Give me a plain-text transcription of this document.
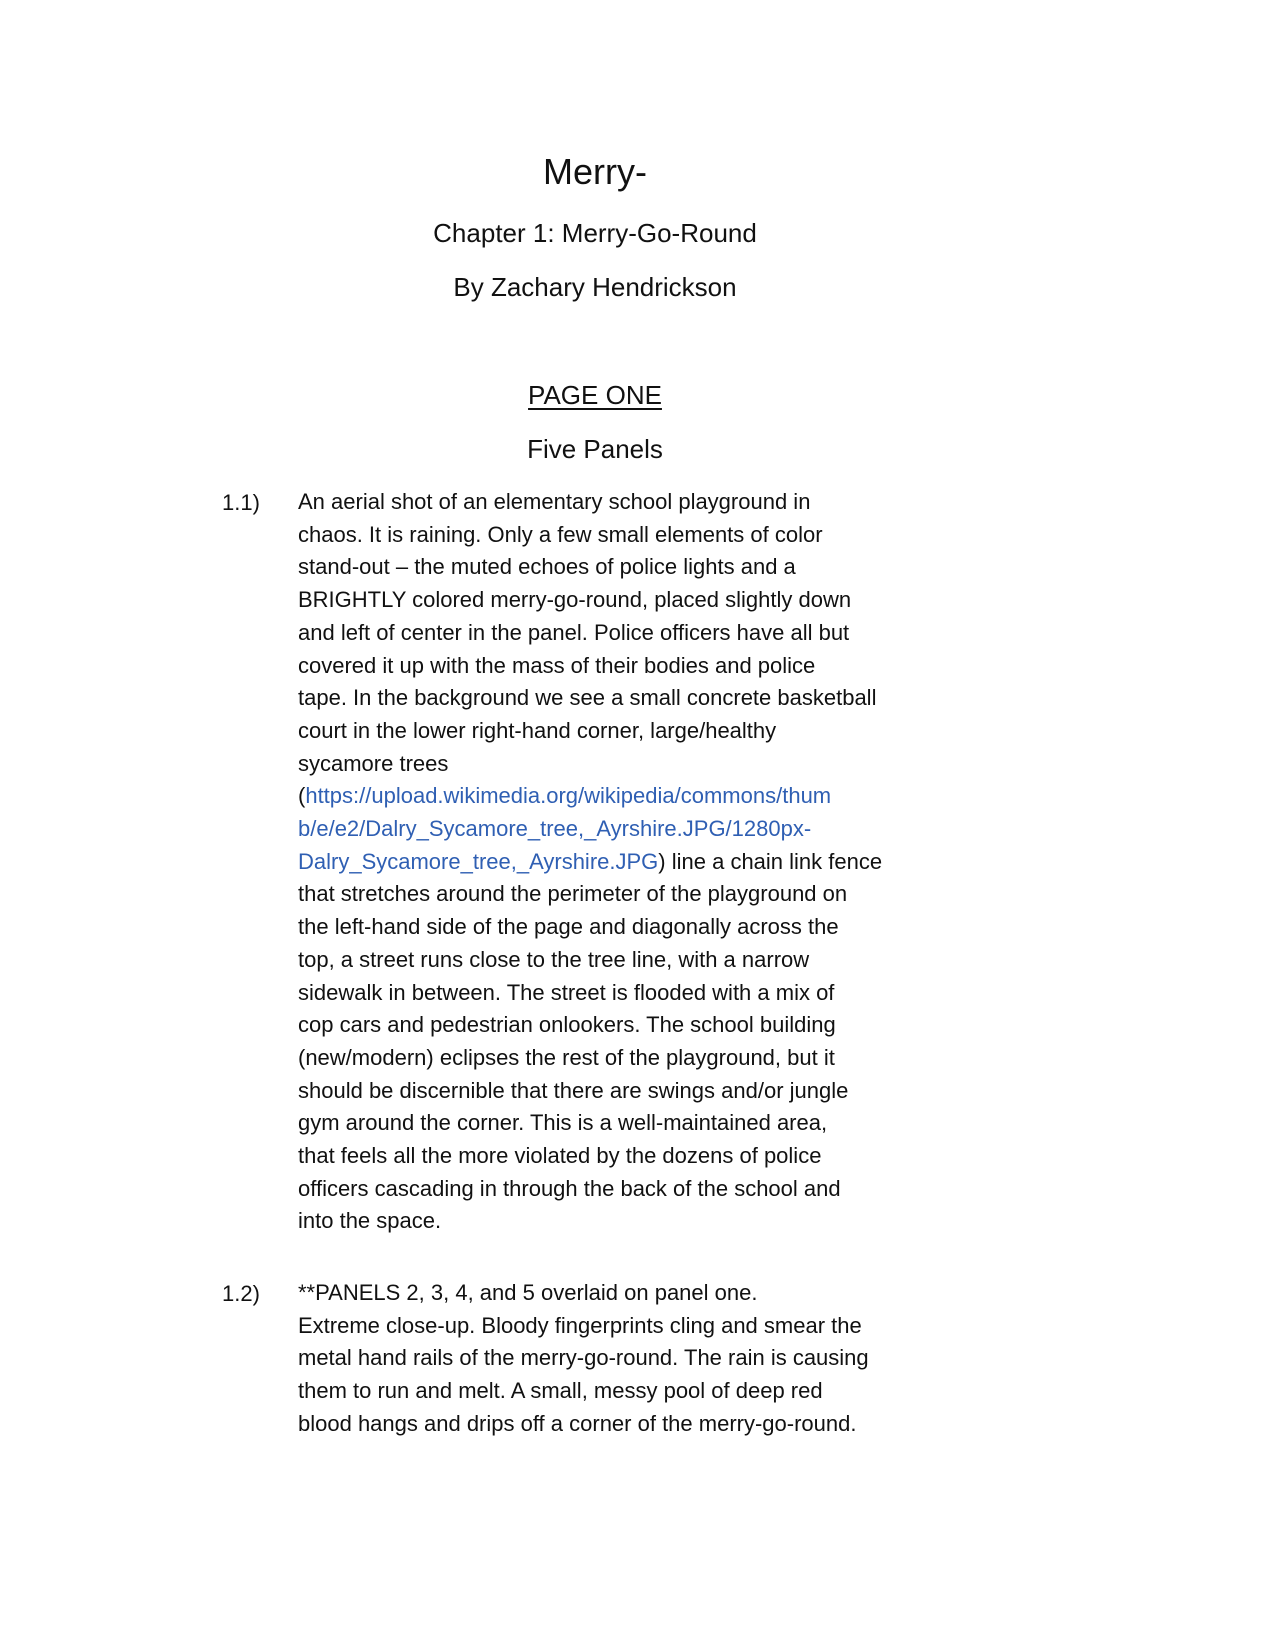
Merry-
Chapter 1: Merry-Go-Round
By Zachary Hendrickson
PAGE ONE
Five Panels
1.1) An aerial shot of an elementary school playground in
chaos. It is raining. Only a few small elements of color
stand-out – the muted echoes of police lights and a
BRIGHTLY colored merry-go-round, placed slightly down
and left of center in the panel. Police officers have all but
covered it up with the mass of their bodies and police
tape. In the background we see a small concrete basketball
court in the lower right-hand corner, large/healthy
sycamore trees
(https://upload.wikimedia.org/wikipedia/commons/thum
b/e/e2/Dalry_Sycamore_tree,_Ayrshire.JPG/1280px-
Dalry_Sycamore_tree,_Ayrshire.JPG) line a chain link fence
that stretches around the perimeter of the playground on
the left-hand side of the page and diagonally across the
top, a street runs close to the tree line, with a narrow
sidewalk in between. The street is flooded with a mix of
cop cars and pedestrian onlookers. The school building
(new/modern) eclipses the rest of the playground, but it
should be discernible that there are swings and/or jungle
gym around the corner. This is a well-maintained area,
that feels all the more violated by the dozens of police
officers cascading in through the back of the school and
into the space.
1.2) **PANELS 2, 3, 4, and 5 overlaid on panel one.
Extreme close-up. Bloody fingerprints cling and smear the
metal hand rails of the merry-go-round. The rain is causing
them to run and melt. A small, messy pool of deep red
blood hangs and drips off a corner of the merry-go-round.
